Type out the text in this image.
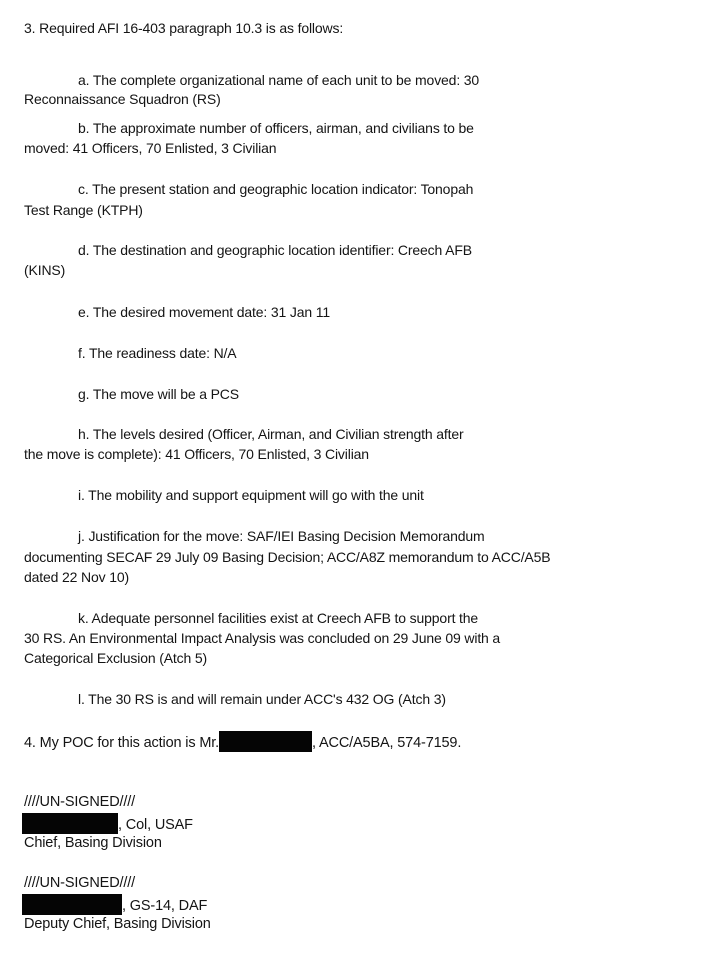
3. Required AFI 16-403 paragraph 10.3 is as follows:
a. The complete organizational name of each unit to be moved: 30
Reconnaissance Squadron (RS)
b. The approximate number of officers, airman, and civilians to be
moved: 41 Officers, 70 Enlisted, 3 Civilian
c. The present station and geographic location indicator: Tonopah
Test Range (KTPH)
d. The destination and geographic location identifier: Creech AFB
(KINS)
e. The desired movement date: 31 Jan 11
f. The readiness date: N/A
g. The move will be a PCS
h. The levels desired (Officer, Airman, and Civilian strength after
the move is complete): 41 Officers, 70 Enlisted, 3 Civilian
i. The mobility and support equipment will go with the unit
j. Justification for the move: SAF/IEI Basing Decision Memorandum
documenting SECAF 29 July 09 Basing Decision; ACC/A8Z memorandum to ACC/A5B
dated 22 Nov 10)
k. Adequate personnel facilities exist at Creech AFB to support the
30 RS. An Environmental Impact Analysis was concluded on 29 June 09 with a
Categorical Exclusion (Atch 5)
l. The 30 RS is and will remain under ACC's 432 OG (Atch 3)
4. My POC for this action is Mr.	, ACC/A5BA, 574-7159.
////UN-SIGNED////
, Col, USAF
Chief, Basing Division
////UN-SIGNED////
, GS-14, DAF
Deputy Chief, Basing Division
